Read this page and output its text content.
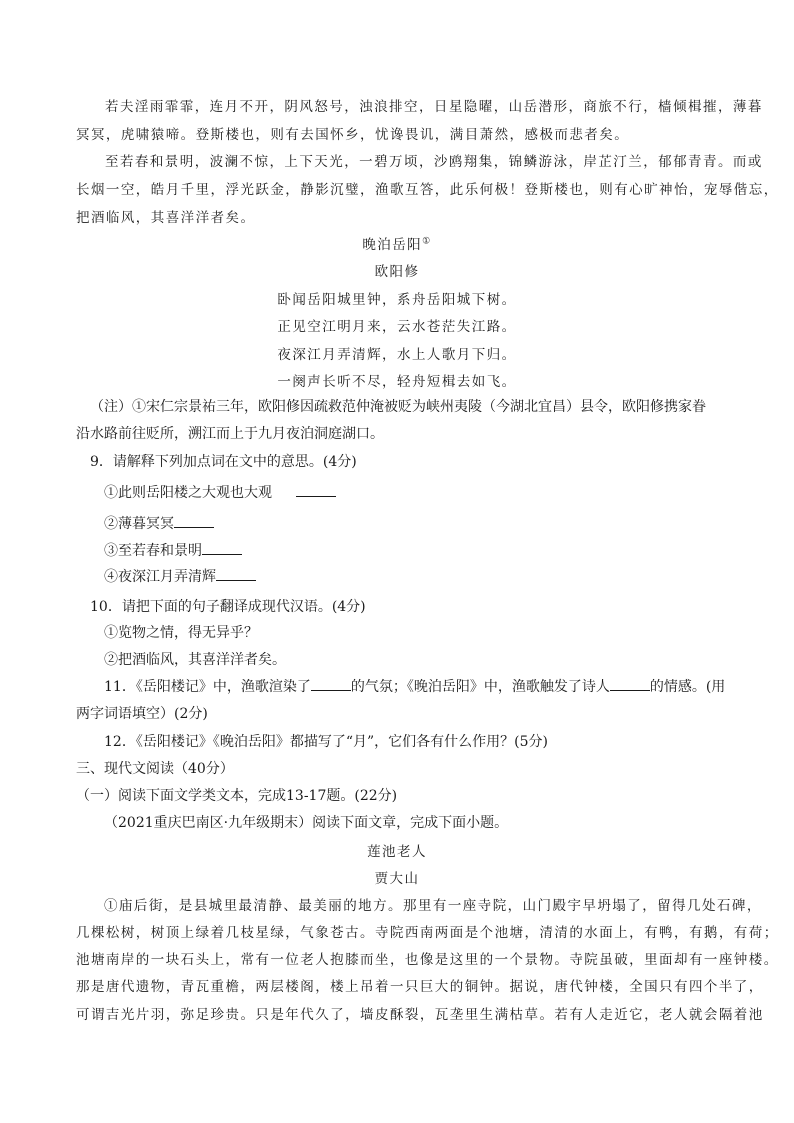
若夫淫雨霏霏，连月不开，阴风怒号，浊浪排空，日星隐曜，山岳潜形，商旅不行，樯倾楫摧，薄暮

冥冥，虎啸猿啼。登斯楼也，则有去国怀乡，忧谗畏讥，满目萧然，感极而悲者矣。

至若春和景明，波澜不惊，上下天光，一碧万顷，沙鸥翔集，锦鳞游泳，岸芷汀兰，郁郁青青。而或

长烟一空，皓月千里，浮光跃金，静影沉璧，渔歌互答，此乐何极！登斯楼也，则有心旷神怡，宠辱偕忘，

把酒临风，其喜洋洋者矣。

晚泊岳阳①

欧阳修

卧闻岳阳城里钟，系舟岳阳城下树。

正见空江明月来，云水苍茫失江路。

夜深江月弄清辉，水上人歌月下归。

一阕声长听不尽，轻舟短楫去如飞。

（注）①宋仁宗景祐三年，欧阳修因疏救范仲淹被贬为峡州夷陵（今湖北宜昌）县令，欧阳修携家眷

沿水路前往贬所，溯江而上于九月夜泊洞庭湖口。

9．请解释下列加点词在文中的意思。(4分)

①此则岳阳楼之大观也大观

②薄暮冥冥

③至若春和景明

④夜深江月弄清辉

10．请把下面的句子翻译成现代汉语。(4分)

①览物之情，得无异乎？

②把酒临风，其喜洋洋者矣。

11．《岳阳楼记》中，渔歌渲染了	的气氛；《晚泊岳阳》中，渔歌触发了诗人	的情感。(用

两字词语填空）(2分)

12．《岳阳楼记》《晚泊岳阳》都描写了“月”，它们各有什么作用？(5分)

三、现代文阅读（40分）

（一）阅读下面文学类文本，完成13-17题。(22分)

（2021重庆巴南区·九年级期末）阅读下面文章，完成下面小题。

莲池老人

贾大山

①庙后街，是县城里最清静、最美丽的地方。那里有一座寺院，山门殿宇早坍塌了，留得几处石碑，

几棵松树，树顶上绿着几枝星绿，气象苍古。寺院西南两面是个池塘，清清的水面上，有鸭，有鹅，有荷；

池塘南岸的一块石头上，常有一位老人抱膝而坐，也像是这里的一个景物。寺院虽破，里面却有一座钟楼。

那是唐代遗物，青瓦重檐，两层楼阁，楼上吊着一只巨大的铜钟。据说，唐代钟楼，全国只有四个半了，

可谓吉光片羽，弥足珍贵。只是年代久了，墙皮酥裂，瓦垄里生满枯草。若有人走近它，老人就会隔着池
